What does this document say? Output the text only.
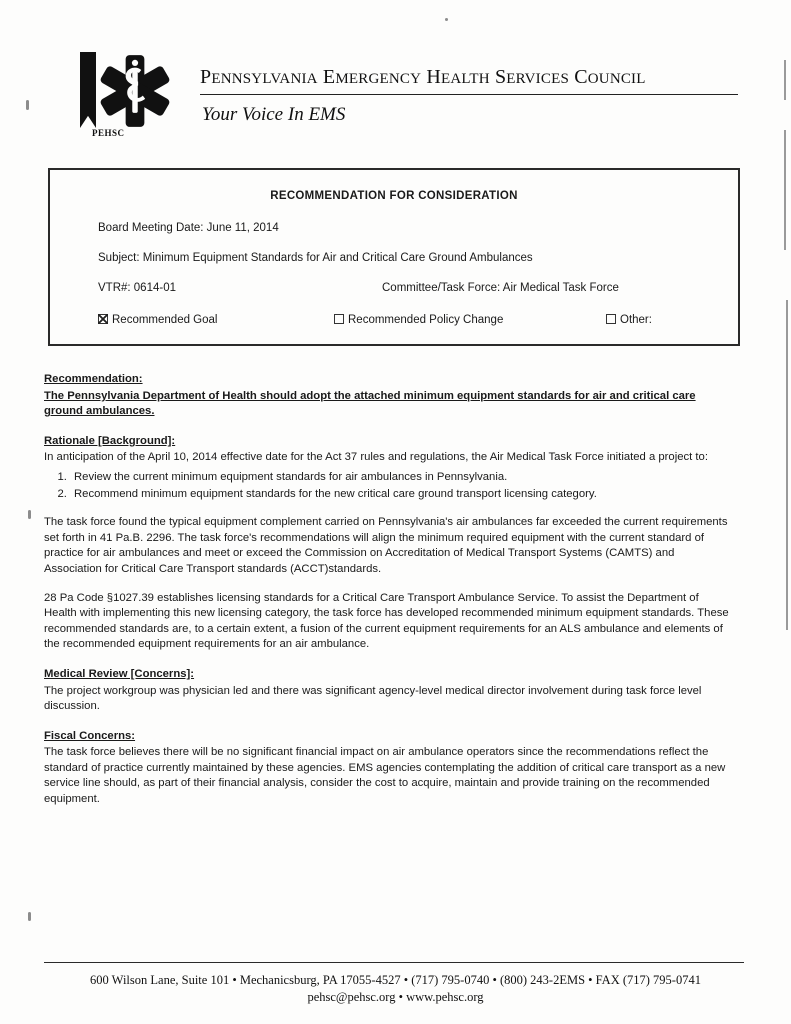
PEHSC
PENNSYLVANIA EMERGENCY HEALTH SERVICES COUNCIL
Your Voice In EMS
RECOMMENDATION FOR CONSIDERATION
Board Meeting Date: June 11, 2014
Subject: Minimum Equipment Standards for Air and Critical Care Ground Ambulances
VTR#: 0614-01	Committee/Task Force: Air Medical Task Force
Recommended Goal	Recommended Policy Change	Other:
Recommendation:

The Pennsylvania Department of Health should adopt the attached minimum equipment standards for air and critical care ground ambulances.

Rationale [Background]:

In anticipation of the April 10, 2014 effective date for the Act 37 rules and regulations, the Air Medical Task Force initiated a project to:

1. Review the current minimum equipment standards for air ambulances in Pennsylvania.
2. Recommend minimum equipment standards for the new critical care ground transport licensing category.

The task force found the typical equipment complement carried on Pennsylvania's air ambulances far exceeded the current requirements set forth in 41 Pa.B. 2296. The task force's recommendations will align the minimum required equipment with the current standard of practice for air ambulances and meet or exceed the Commission on Accreditation of Medical Transport Systems (CAMTS) and Association for Critical Care Transport standards (ACCT)standards.

28 Pa Code §1027.39 establishes licensing standards for a Critical Care Transport Ambulance Service. To assist the Department of Health with implementing this new licensing category, the task force has developed recommended minimum equipment standards. These recommended standards are, to a certain extent, a fusion of the current equipment requirements for an ALS ambulance and elements of the recommended equipment requirements for an air ambulance.

Medical Review [Concerns]:

The project workgroup was physician led and there was significant agency-level medical director involvement during task force level discussion.

Fiscal Concerns:

The task force believes there will be no significant financial impact on air ambulance operators since the recommendations reflect the standard of practice currently maintained by these agencies. EMS agencies contemplating the addition of critical care transport as a new service line should, as part of their financial analysis, consider the cost to acquire, maintain and provide training on the recommended equipment.

600 Wilson Lane, Suite 101 • Mechanicsburg, PA 17055-4527 • (717) 795-0740 • (800) 243-2EMS • FAX (717) 795-0741
pehsc@pehsc.org • www.pehsc.org
